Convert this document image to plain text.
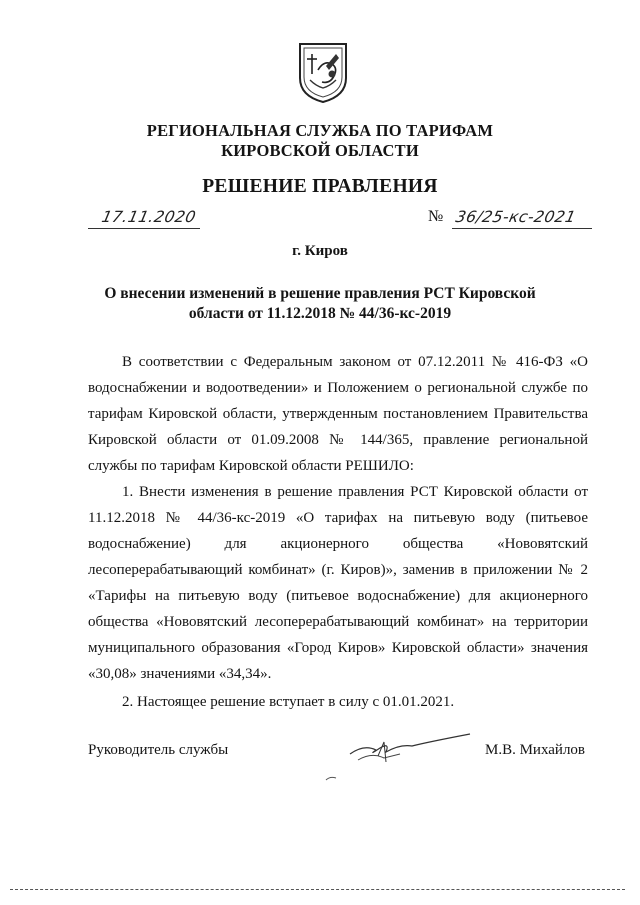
РЕГИОНАЛЬНАЯ СЛУЖБА ПО ТАРИФАМ
КИРОВСКОЙ ОБЛАСТИ
РЕШЕНИЕ ПРАВЛЕНИЯ
17.11.2020	№ 36/25-кс-2021
г. Киров
О внесении изменений в решение правления РСТ Кировской
области от 11.12.2018 № 44/36-кс-2019
В соответствии с Федеральным законом от 07.12.2011 № 416-ФЗ «О
водоснабжении и водоотведении» и Положением о региональной службе по
тарифам Кировской области, утвержденным постановлением Правительства
Кировской области от 01.09.2008 № 144/365, правление региональной
службы по тарифам Кировской области РЕШИЛО:
1. Внести изменения в решение правления РСТ Кировской области от
11.12.2018 № 44/36-кс-2019 «О тарифах на питьевую воду (питьевое
водоснабжение) для акционерного общества «Нововятский
лесоперерабатывающий комбинат» (г. Киров)», заменив в приложении № 2
«Тарифы на питьевую воду (питьевое водоснабжение) для акционерного
общества «Нововятский лесоперерабатывающий комбинат» на территории
муниципального образования «Город Киров» Кировской области» значения
«30,08» значениями «34,34».
2. Настоящее решение вступает в силу с 01.01.2021.
Руководитель службы	М.В. Михайлов
